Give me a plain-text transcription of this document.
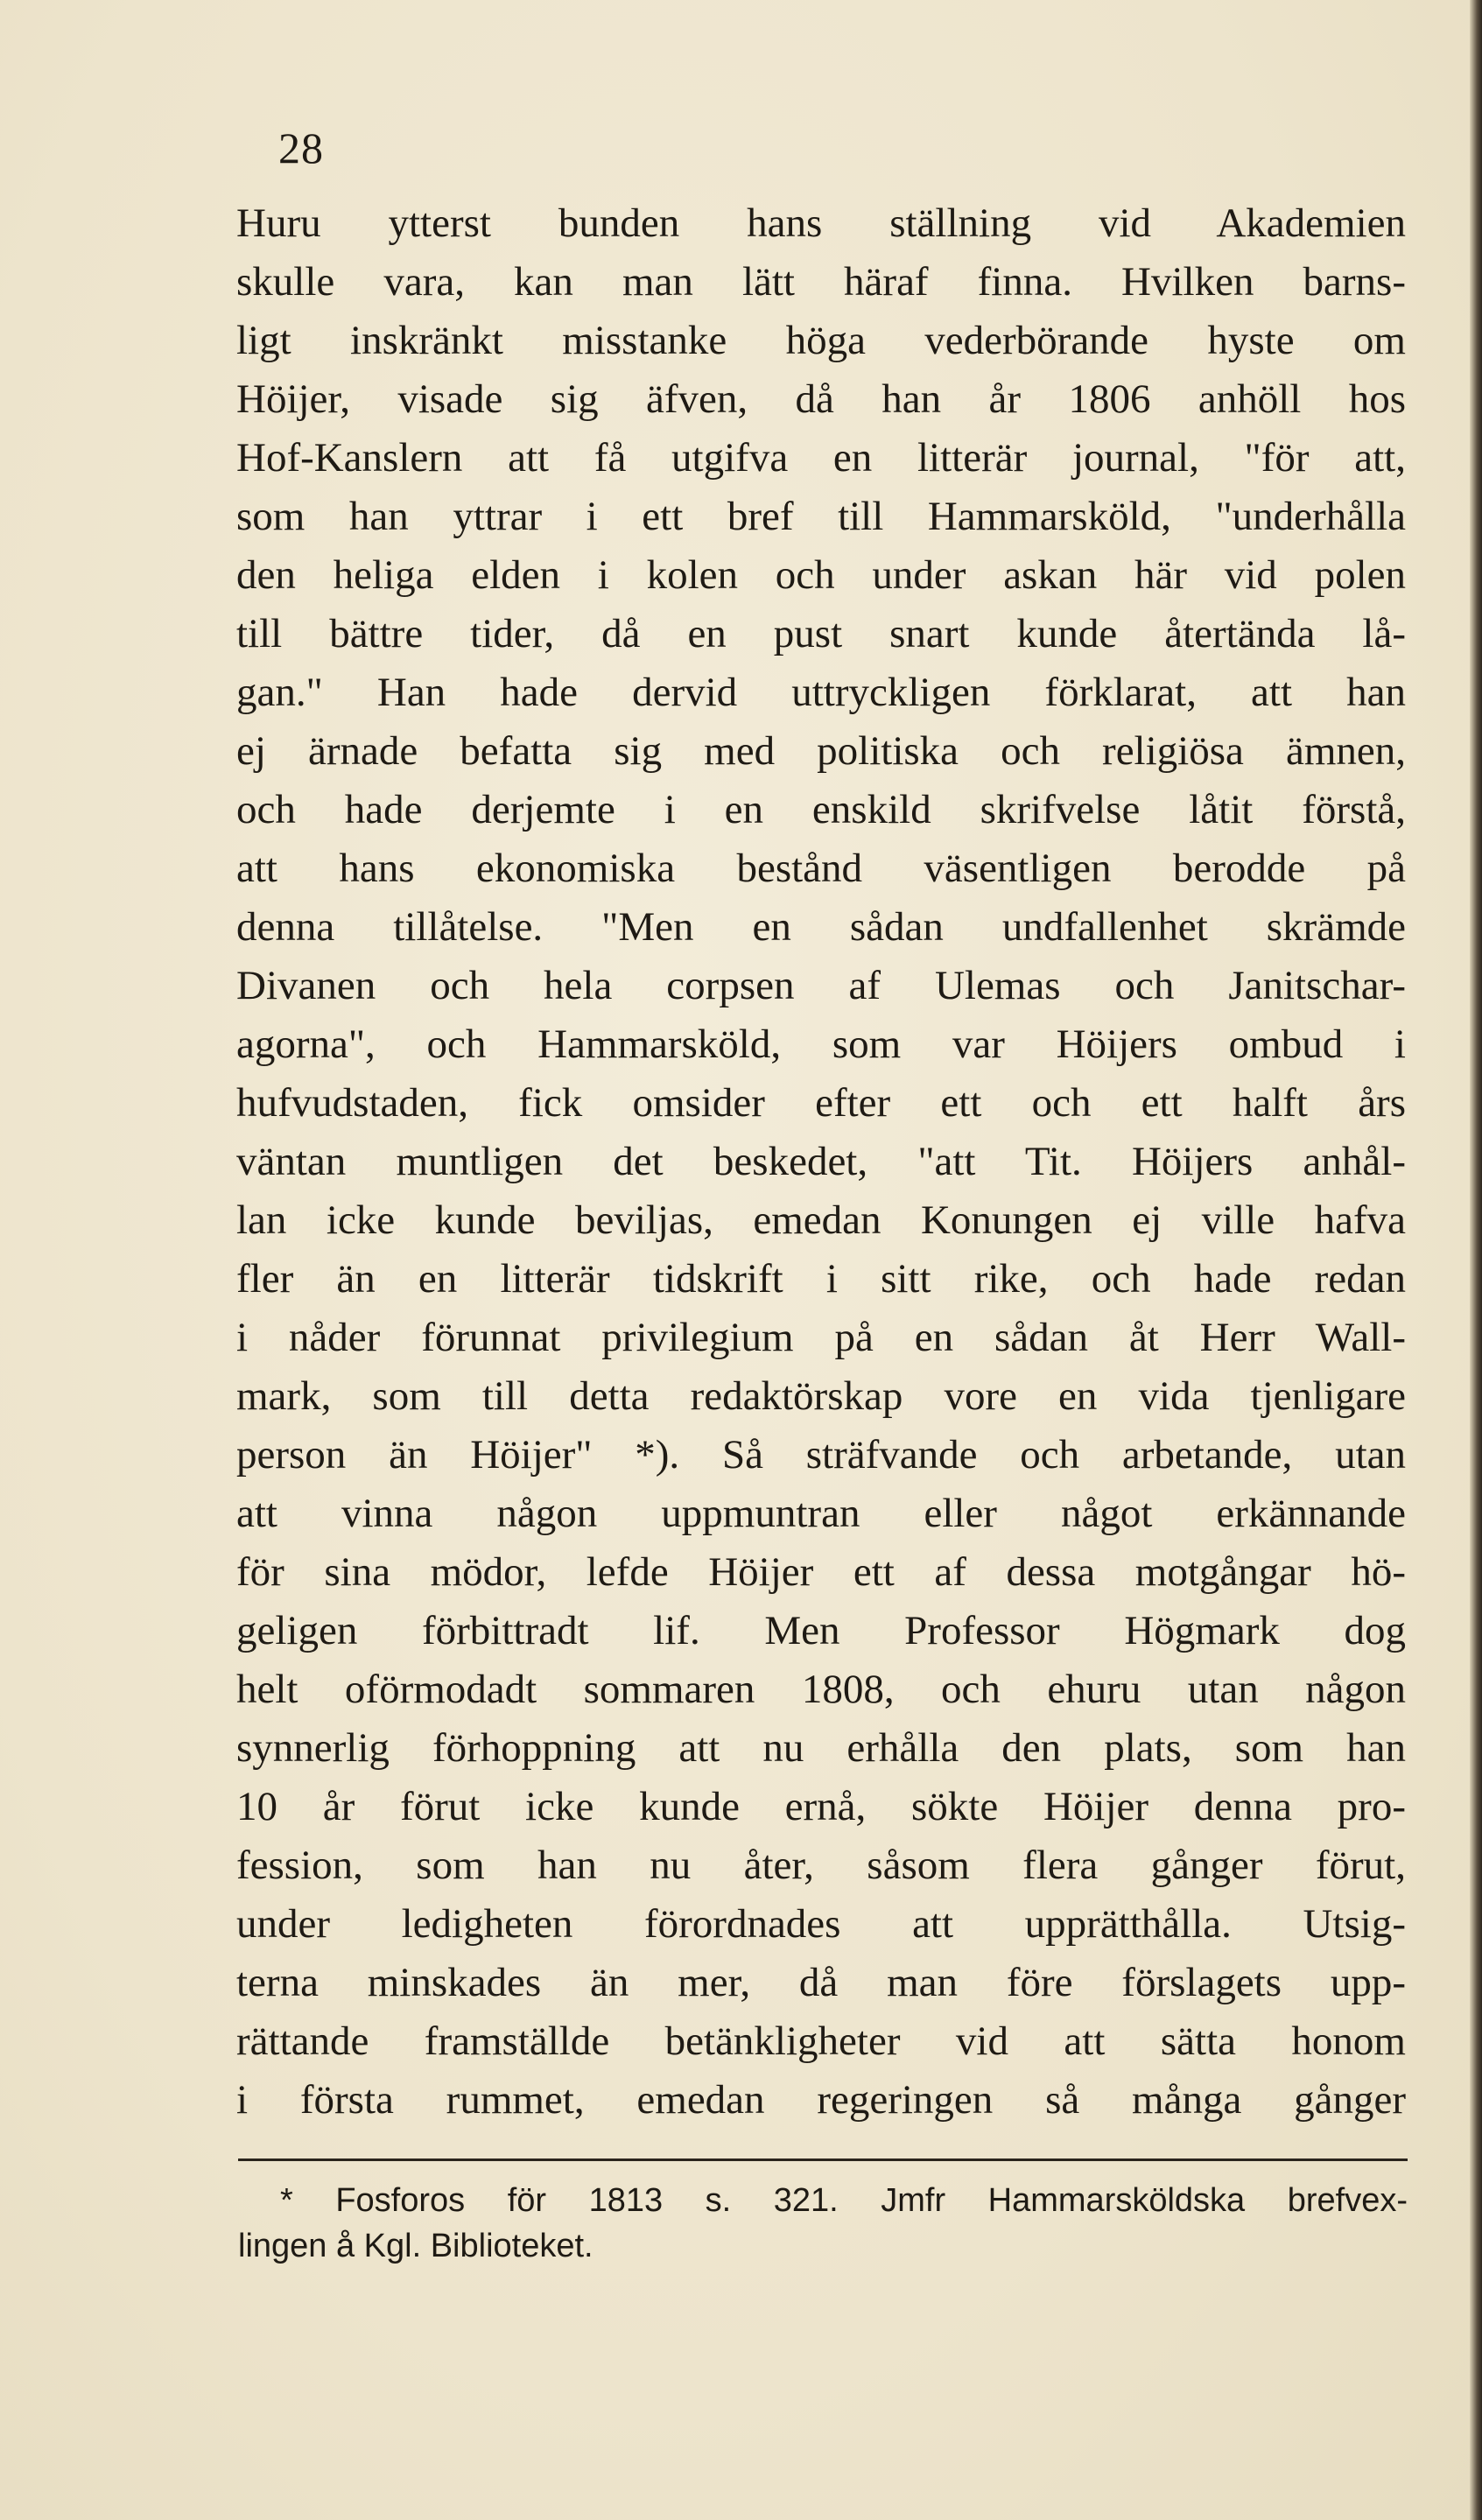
28
Huru ytterst bunden hans ställning vid Akademien
skulle vara, kan man lätt häraf finna. Hvilken barns-
ligt inskränkt misstanke höga vederbörande hyste om
Höijer, visade sig äfven, då han år 1806 anhöll hos
Hof-Kanslern att få utgifva en litterär journal, "för att,
som han yttrar i ett bref till Hammarsköld, "underhålla
den heliga elden i kolen och under askan här vid polen
till bättre tider, då en pust snart kunde återtända lå-
gan." Han hade dervid uttryckligen förklarat, att han
ej ärnade befatta sig med politiska och religiösa ämnen,
och hade derjemte i en enskild skrifvelse låtit förstå,
att hans ekonomiska bestånd väsentligen berodde på
denna tillåtelse. "Men en sådan undfallenhet skrämde
Divanen och hela corpsen af Ulemas och Janitschar-
agorna", och Hammarsköld, som var Höijers ombud i
hufvudstaden, fick omsider efter ett och ett halft års
väntan muntligen det beskedet, "att Tit. Höijers anhål-
lan icke kunde beviljas, emedan Konungen ej ville hafva
fler än en litterär tidskrift i sitt rike, och hade redan
i nåder förunnat privilegium på en sådan åt Herr Wall-
mark, som till detta redaktörskap vore en vida tjenligare
person än Höijer" *). Så sträfvande och arbetande, utan
att vinna någon uppmuntran eller något erkännande
för sina mödor, lefde Höijer ett af dessa motgångar hö-
geligen förbittradt lif. Men Professor Högmark dog
helt oförmodadt sommaren 1808, och ehuru utan någon
synnerlig förhoppning att nu erhålla den plats, som han
10 år förut icke kunde ernå, sökte Höijer denna pro-
fession, som han nu åter, såsom flera gånger förut,
under ledigheten förordnades att upprätthålla. Utsig-
terna minskades än mer, då man före förslagets upp-
rättande framställde betänkligheter vid att sätta honom
i första rummet, emedan regeringen så många gånger
* Fosforos för 1813 s. 321. Jmfr Hammarsköldska brefvex-
lingen å Kgl. Biblioteket.
